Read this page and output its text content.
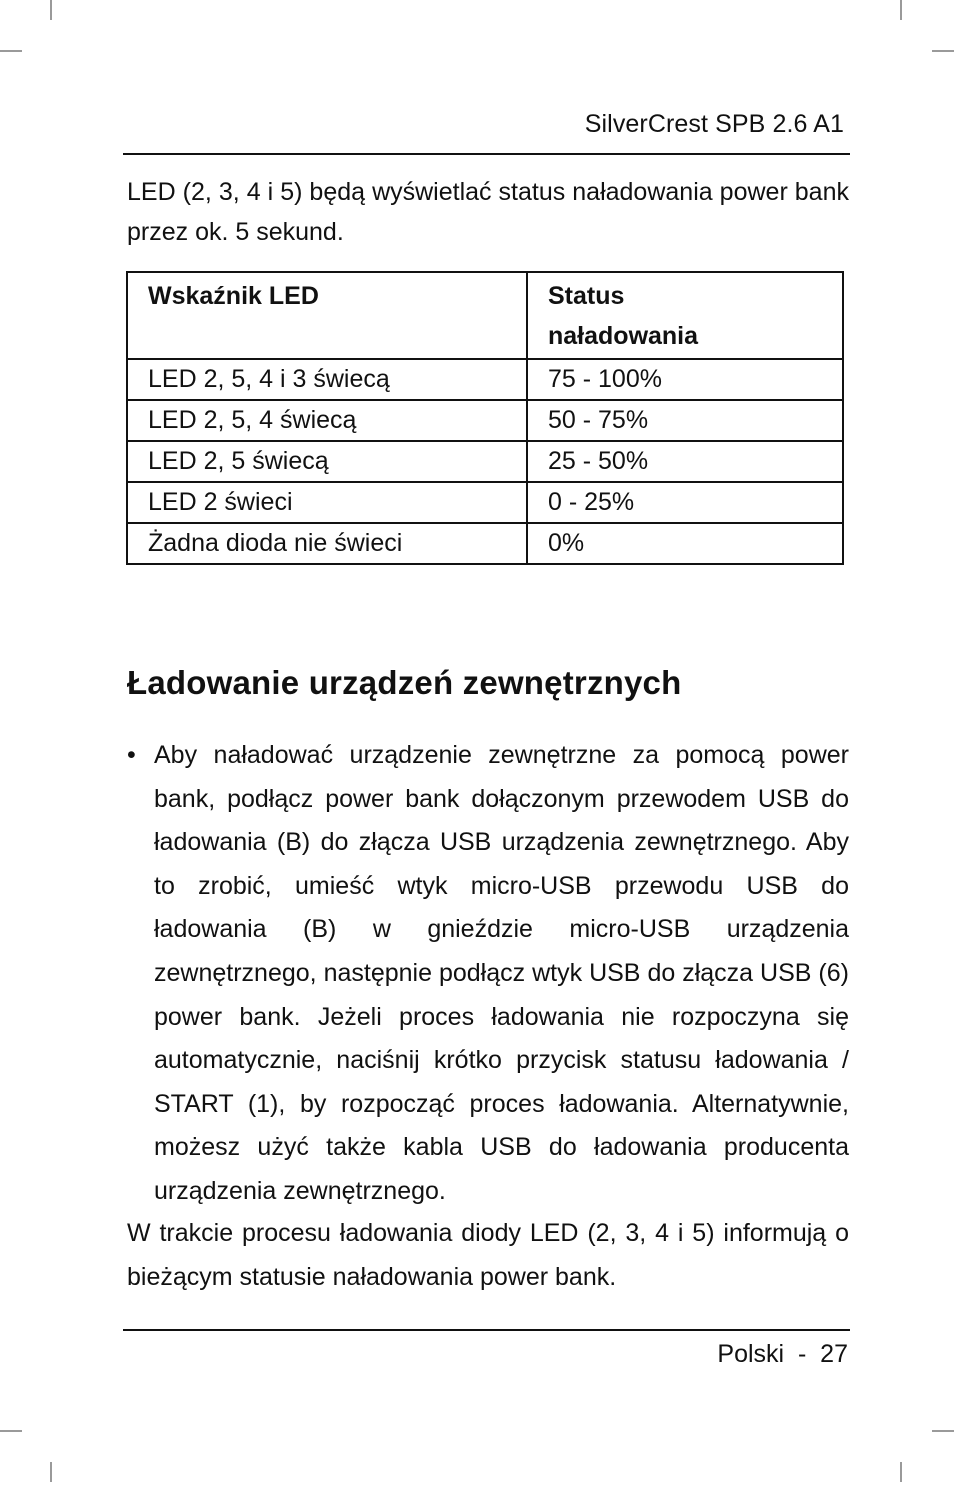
SilverCrest SPB 2.6 A1
LED (2, 3, 4 i 5) będą wyświetlać status naładowania power bank przez ok. 5 sekund.
Wskaźnik LED	Status naładowania
LED 2, 5, 4 i 3 świecą	75 - 100%
LED 2, 5, 4 świecą	50 - 75%
LED 2, 5 świecą	25 - 50%
LED 2 świeci	0 - 25%
Żadna dioda nie świeci	0%
Ładowanie urządzeń zewnętrznych
• Aby naładować urządzenie zewnętrzne za pomocą power bank, podłącz power bank dołączonym przewodem USB do ładowania (B) do złącza USB urządzenia zewnętrznego. Aby to zrobić, umieść wtyk micro-USB przewodu USB do ładowania (B) w gnieździe micro-USB urządzenia zewnętrznego, następnie podłącz wtyk USB do złącza USB (6) power bank. Jeżeli proces ładowania nie rozpoczyna się automatycznie, naciśnij krótko przycisk statusu ładowania / START (1), by rozpocząć proces ładowania. Alternatywnie, możesz użyć także kabla USB do ładowania producenta urządzenia zewnętrznego.
W trakcie procesu ładowania diody LED (2, 3, 4 i 5) informują o bieżącym statusie naładowania power bank.
Polski  -  27
